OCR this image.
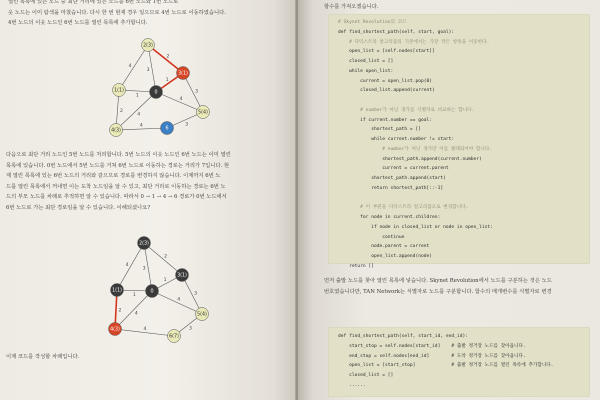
열린 목록에 있는 노드 중 최단 거리에 있는 노드를 6번 노드와 1번 노드로
옷 노드는 이미 탐색을 마쳤습니다. 다시 한 번 현재 경우 일으므로 4번 노드로 이동하였습니다.
4번 노드의 이웃 노드인 6번 노드를 열린 목록에 추가합니다.
2
1
1
3
4
2
4
4
3
4	3
0
1(1)
2(3)
3(1)
4(3)
5(4)
6
다음으로 최단 거리 노드인 5번 노드를 처리합니다. 5번 노드의 이웃 노드인 6번 노드는 이미 열린
목록에 있습니다. 0번 노드에서 5번 노드를 거쳐 6번 노드로 이동하는 경로는 거리가 7입니다. 현
재 열린 목록에 있는 6번 노드의 거리와 같으므로 경로를 변경하지 않습니다. 이제까지 6번 노
드를 열린 목록에서 꺼내면 이는 도착 노드임을 알 수 있고, 최단 거리로 이동하는 경로는 6번 노
드의 부모 노드를 차례로 추적하면 알 수 있습니다. 따라서 0 → 1 → 4 → 6 경로가 0번 노드에서
6번 노드로 가는 최단 경로임을 알 수 있습니다. 이해되셨나요?
2
1
1
3
4
2
4
4
3
4	3
0
1(1)
2(3)
3(1)
4(3)
5(4)
6(7)
이제 코드를 작성할 차례입니다.
항수를 가져오겠습니다.
# Skynet Revolution의 코드
def find_shortest_path(self, start, goal):
# 다익스트라 알고리즘의 기본에서는 가장 작은 항목을 이동한다.
open_list = [self.nodes[start]]
closed_list = []
while open_list:
current = open_list.pop(0)
closed_list.append(current)

# number가 아닌 경가를 식별자로 비교하는 합니다.
if current.number == goal:
shortest_path = []
while current.number != start:
# number가 아닌 경가만 이름 클래되어야 합니다.
shortest_path.append(current.number)
current = current.parent
shortest_path.append(start)
return shortest_path[::-1]

# 이 부분을 다익스트라 알고리즘으로 변경합니다.
for node in current.children:
if node in closed_list or node in open_list:
continue
node.parent = current
open_list.append(node)
return []
먼저 출발 노드를 찾아 열린 목록에 넣습니다. Skynet Revolution에서 노드를 구분하는 것은 노드
번호였습니다만, TAN Network는 식별자로 노드를 구분합니다. 함수의 매개변수를 식별자로 변경
def find_shortest_path(self, start_id, end_id):
start_stop = self.nodes[start_id]    # 출발 정거장 노드를 찾아옵니다.
end_stop = self.nodes[end_id]        # 도착 정거장 노드를 찾아옵니다.
open_list = [start_stop]             # 출발 정거장 노드를 열린 목록에 추가합니다.
closed_list = []
......
